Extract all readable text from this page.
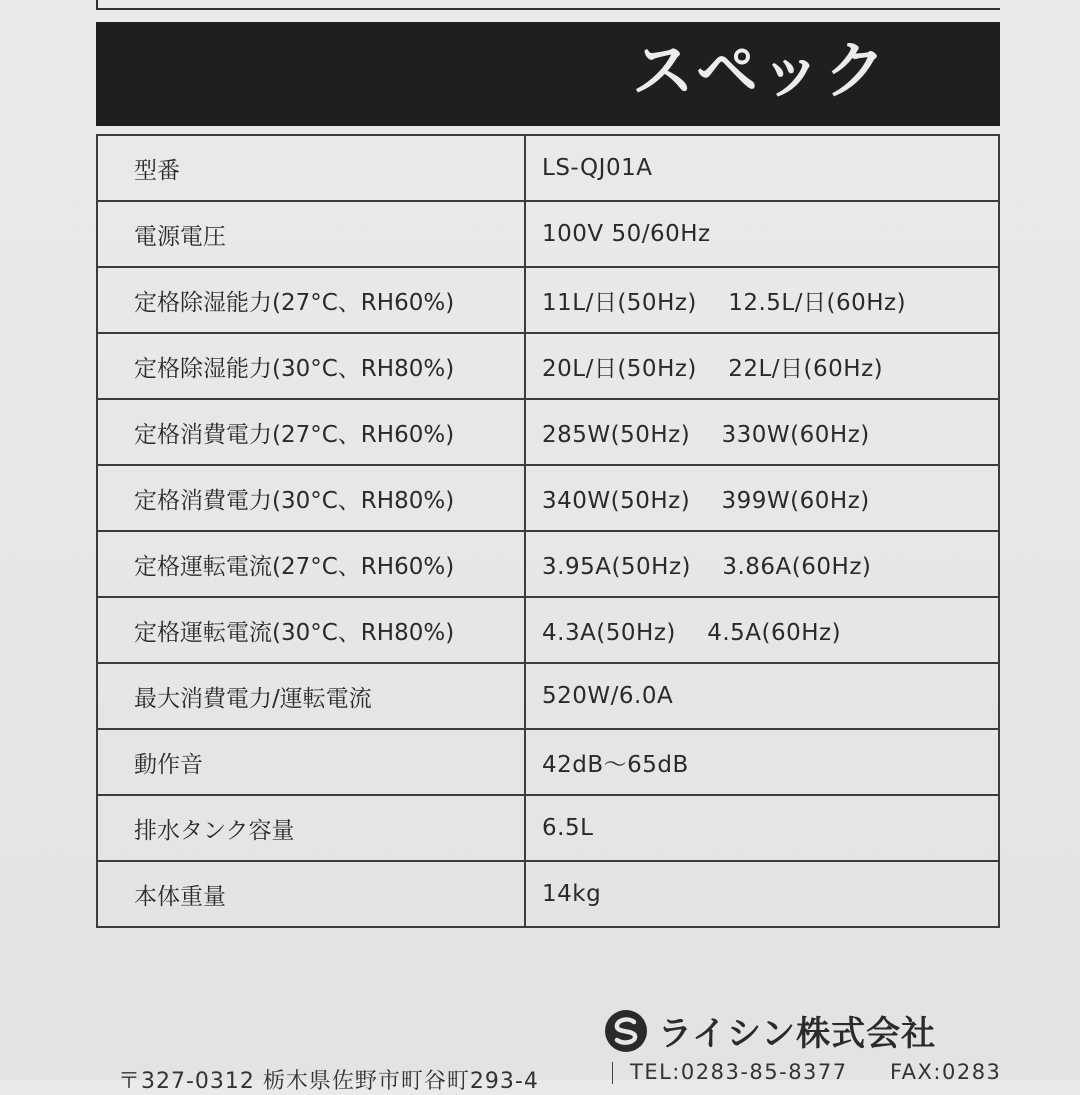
スペック
型番	LS-QJ01A
電源電圧	100V 50/60Hz
定格除湿能力(27°C、RH60%)	11L/日(50Hz)　 12.5L/日(60Hz)
定格除湿能力(30°C、RH80%)	20L/日(50Hz)　 22L/日(60Hz)
定格消費電力(27°C、RH60%)	285W(50Hz)　 330W(60Hz)
定格消費電力(30°C、RH80%)	340W(50Hz)　 399W(60Hz)
定格運転電流(27°C、RH60%)	3.95A(50Hz)　 3.86A(60Hz)
定格運転電流(30°C、RH80%)	4.3A(50Hz)　 4.5A(60Hz)
最大消費電力/運転電流	520W/6.0A
動作音	42dB〜65dB
排水タンク容量	6.5L
本体重量	14kg
ライシン株式会社
〒327-0312 栃木県佐野市町谷町293-4	TEL:0283-85-8377 FAX:0283
